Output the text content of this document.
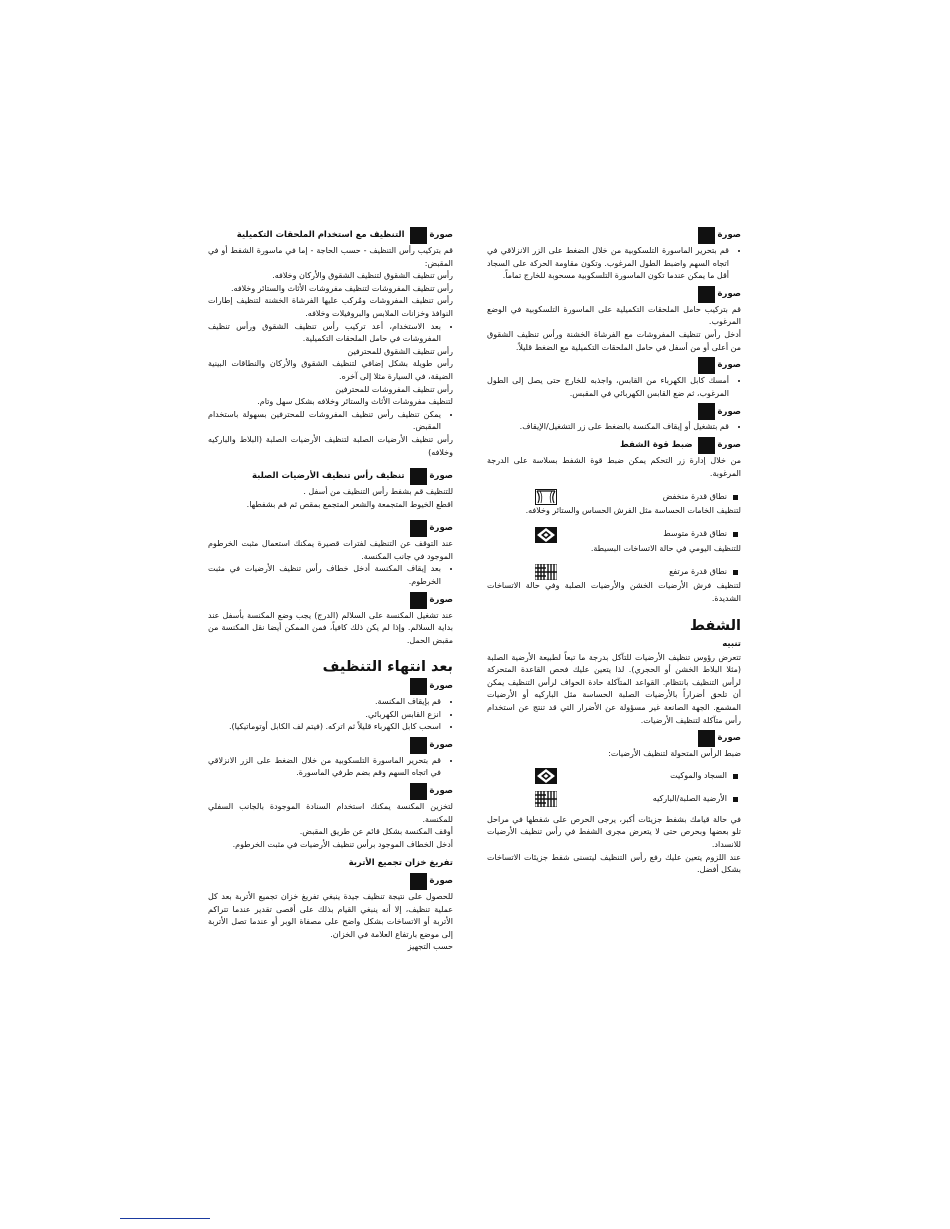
صورة
• قم بتحرير الماسورة التلسكوبية من خلال الضغط على الزر الانزلاقي في اتجاه السهم واضبط الطول المرغوب. وتكون مقاومة الحركة على السجاد أقل ما يمكن عندما تكون الماسورة التلسكوبية مسحوبة للخارج تماماً.
صورة

قم بتركيب حامل الملحقات التكميلية على الماسورة التلسكوبية في الوضع المرغوب.

أدخل رأس تنظيف المفروشات مع الفرشاة الخشنة ورأس تنظيف الشقوق من أعلى أو من أسفل في حامل الملحقات التكميلية مع الضغط قليلاً.

صورة
• أمسك كابل الكهرباء من القابس، واجذبه للخارج حتى يصل إلى الطول المرغوب، ثم ضع القابس الكهربائي في المقبس.
صورة
• قم بتشغيل أو إيقاف المكنسة بالضغط على زر التشغيل/الإيقاف.
صورة
ضبط قوة الشفط

من خلال إدارة زر التحكم يمكن ضبط قوة الشفط بسلاسة على الدرجة المرغوبة.

نطاق قدرة منخفض

لتنظيف الخامات الحساسة مثل الفرش الحساس والستائر وخلافه.

نطاق قدرة متوسط

للتنظيف اليومي في حالة الاتساخات البسيطة.

نطاق قدرة مرتفع

لتنظيف فرش الأرضيات الخشن والأرضيات الصلبة وفي حالة الاتساخات الشديدة.

الشفط
تنبيه

تتعرض رؤوس تنظيف الأرضيات للتآكل بدرجة ما تبعاً لطبيعة الأرضية الصلبة (مثلا البلاط الخشن أو الحجري). لذا يتعين عليك فحص القاعدة المتحركة لرأس التنظيف بانتظام. القواعد المتآكلة حادة الحواف لرأس التنظيف يمكن أن تلحق أضراراً بالأرضيات الصلبة الحساسة مثل الباركيه أو الأرضيات المشمع. الجهة الصانعة غير مسؤولة عن الأضرار التي قد تنتج عن استخدام رأس متآكلة لتنظيف الأرضيات.

صورة

ضبط الرأس المتحولة لتنظيف الأرضيات:

السجاد والموكيت
الأرضية الصلبة/الباركيه

في حالة قيامك بشفط جزيئات أكبر، يرجى الحرص على شفطها في مراحل تلو بعضها وبحرص حتى لا يتعرض مجرى الشفط في رأس تنظيف الأرضيات للانسداد.

عند اللزوم يتعين عليك رفع رأس التنظيف ليتسنى شفط جزيئات الاتساخات بشكل أفضل.

صورة
التنظيف مع استخدام الملحقات التكميلية

قم بتركيب رأس التنظيف - حسب الحاجة - إما في ماسورة الشفط أو في المقبض:

رأس تنظيف الشقوق لتنظيف الشقوق والأركان وخلافه.

رأس تنظيف المفروشات لتنظيف مفروشات الأثاث والستائر وخلافه.

رأس تنظيف المفروشات ومُركب عليها الفرشاة الخشنة لتنظيف إطارات النوافذ وخزانات الملابس والبروفيلات وخلافه.

• بعد الاستخدام، أعد تركيب رأس تنظيف الشقوق ورأس تنظيف المفروشات في حامل الملحقات التكميلية.

رأس تنظيف الشقوق للمحترفين

رأس طويلة بشكل إضافي لتنظيف الشقوق والأركان والنطاقات البينية الضيقة، في السيارة مثلا إلى آخره.

رأس تنظيف المفروشات للمحترفين

لتنظيف مفروشات الأثاث والستائر وخلافه بشكل سهل وتام.

• يمكن تنظيف رأس تنظيف المفروشات للمحترفين بسهولة باستخدام المقبض.

رأس تنظيف الأرضيات الصلبة لتنظيف الأرضيات الصلبة (البلاط والباركيه وخلافه)

صورة
تنظيف رأس تنظيف الأرضيات الصلبة

للتنظيف قم بشفط رأس التنظيف من أسفل .

اقطع الخيوط المتجمعة والشعر المتجمع بمقص ثم قم بشفطها.

صورة

عند التوقف عن التنظيف لفترات قصيرة يمكنك استعمال مثبت الخرطوم الموجود في جانب المكنسة.

• بعد إيقاف المكنسة أدخل خطاف رأس تنظيف الأرضيات في مثبت الخرطوم.
صورة

عند تشغيل المكنسة على السلالم (الدرج) يجب وضع المكنسة بأسفل عند بداية السلالم. وإذا لم يكن ذلك كافياً، فمن الممكن أيضا نقل المكنسة من مقبض الحمل.

بعد انتهاء التنظيف
صورة
• قم بإيقاف المكنسة.
• انزع القابس الكهربائي.
• اسحب كابل الكهرباء قليلاً ثم اتركه. (فيتم لف الكابل أوتوماتيكيا).
صورة
• قم بتحرير الماسورة التلسكوبية من خلال الضغط على الزر الانزلاقي في اتجاه السهم وقم بضم طرفي الماسورة.
صورة

لتخزين المكنسة يمكنك استخدام السنادة الموجودة بالجانب السفلي للمكنسة.

أوقف المكنسة بشكل قائم عن طريق المقبض.

أدخل الخطاف الموجود برأس تنظيف الأرضيات في مثبت الخرطوم.

تفريغ خزان تجميع الأتربة
صورة

للحصول على نتيجة تنظيف جيدة ينبغي تفريغ خزان تجميع الأتربة بعد كل عملية تنظيف، إلا أنه ينبغي القيام بذلك على أقصى تقدير عندما تتراكم الأتربة أو الاتساخات بشكل واضح على مصفاة الوبر أو عندما تصل الأتربة إلى موضع بارتفاع العلامة في الخزان.

حسب التجهيز
